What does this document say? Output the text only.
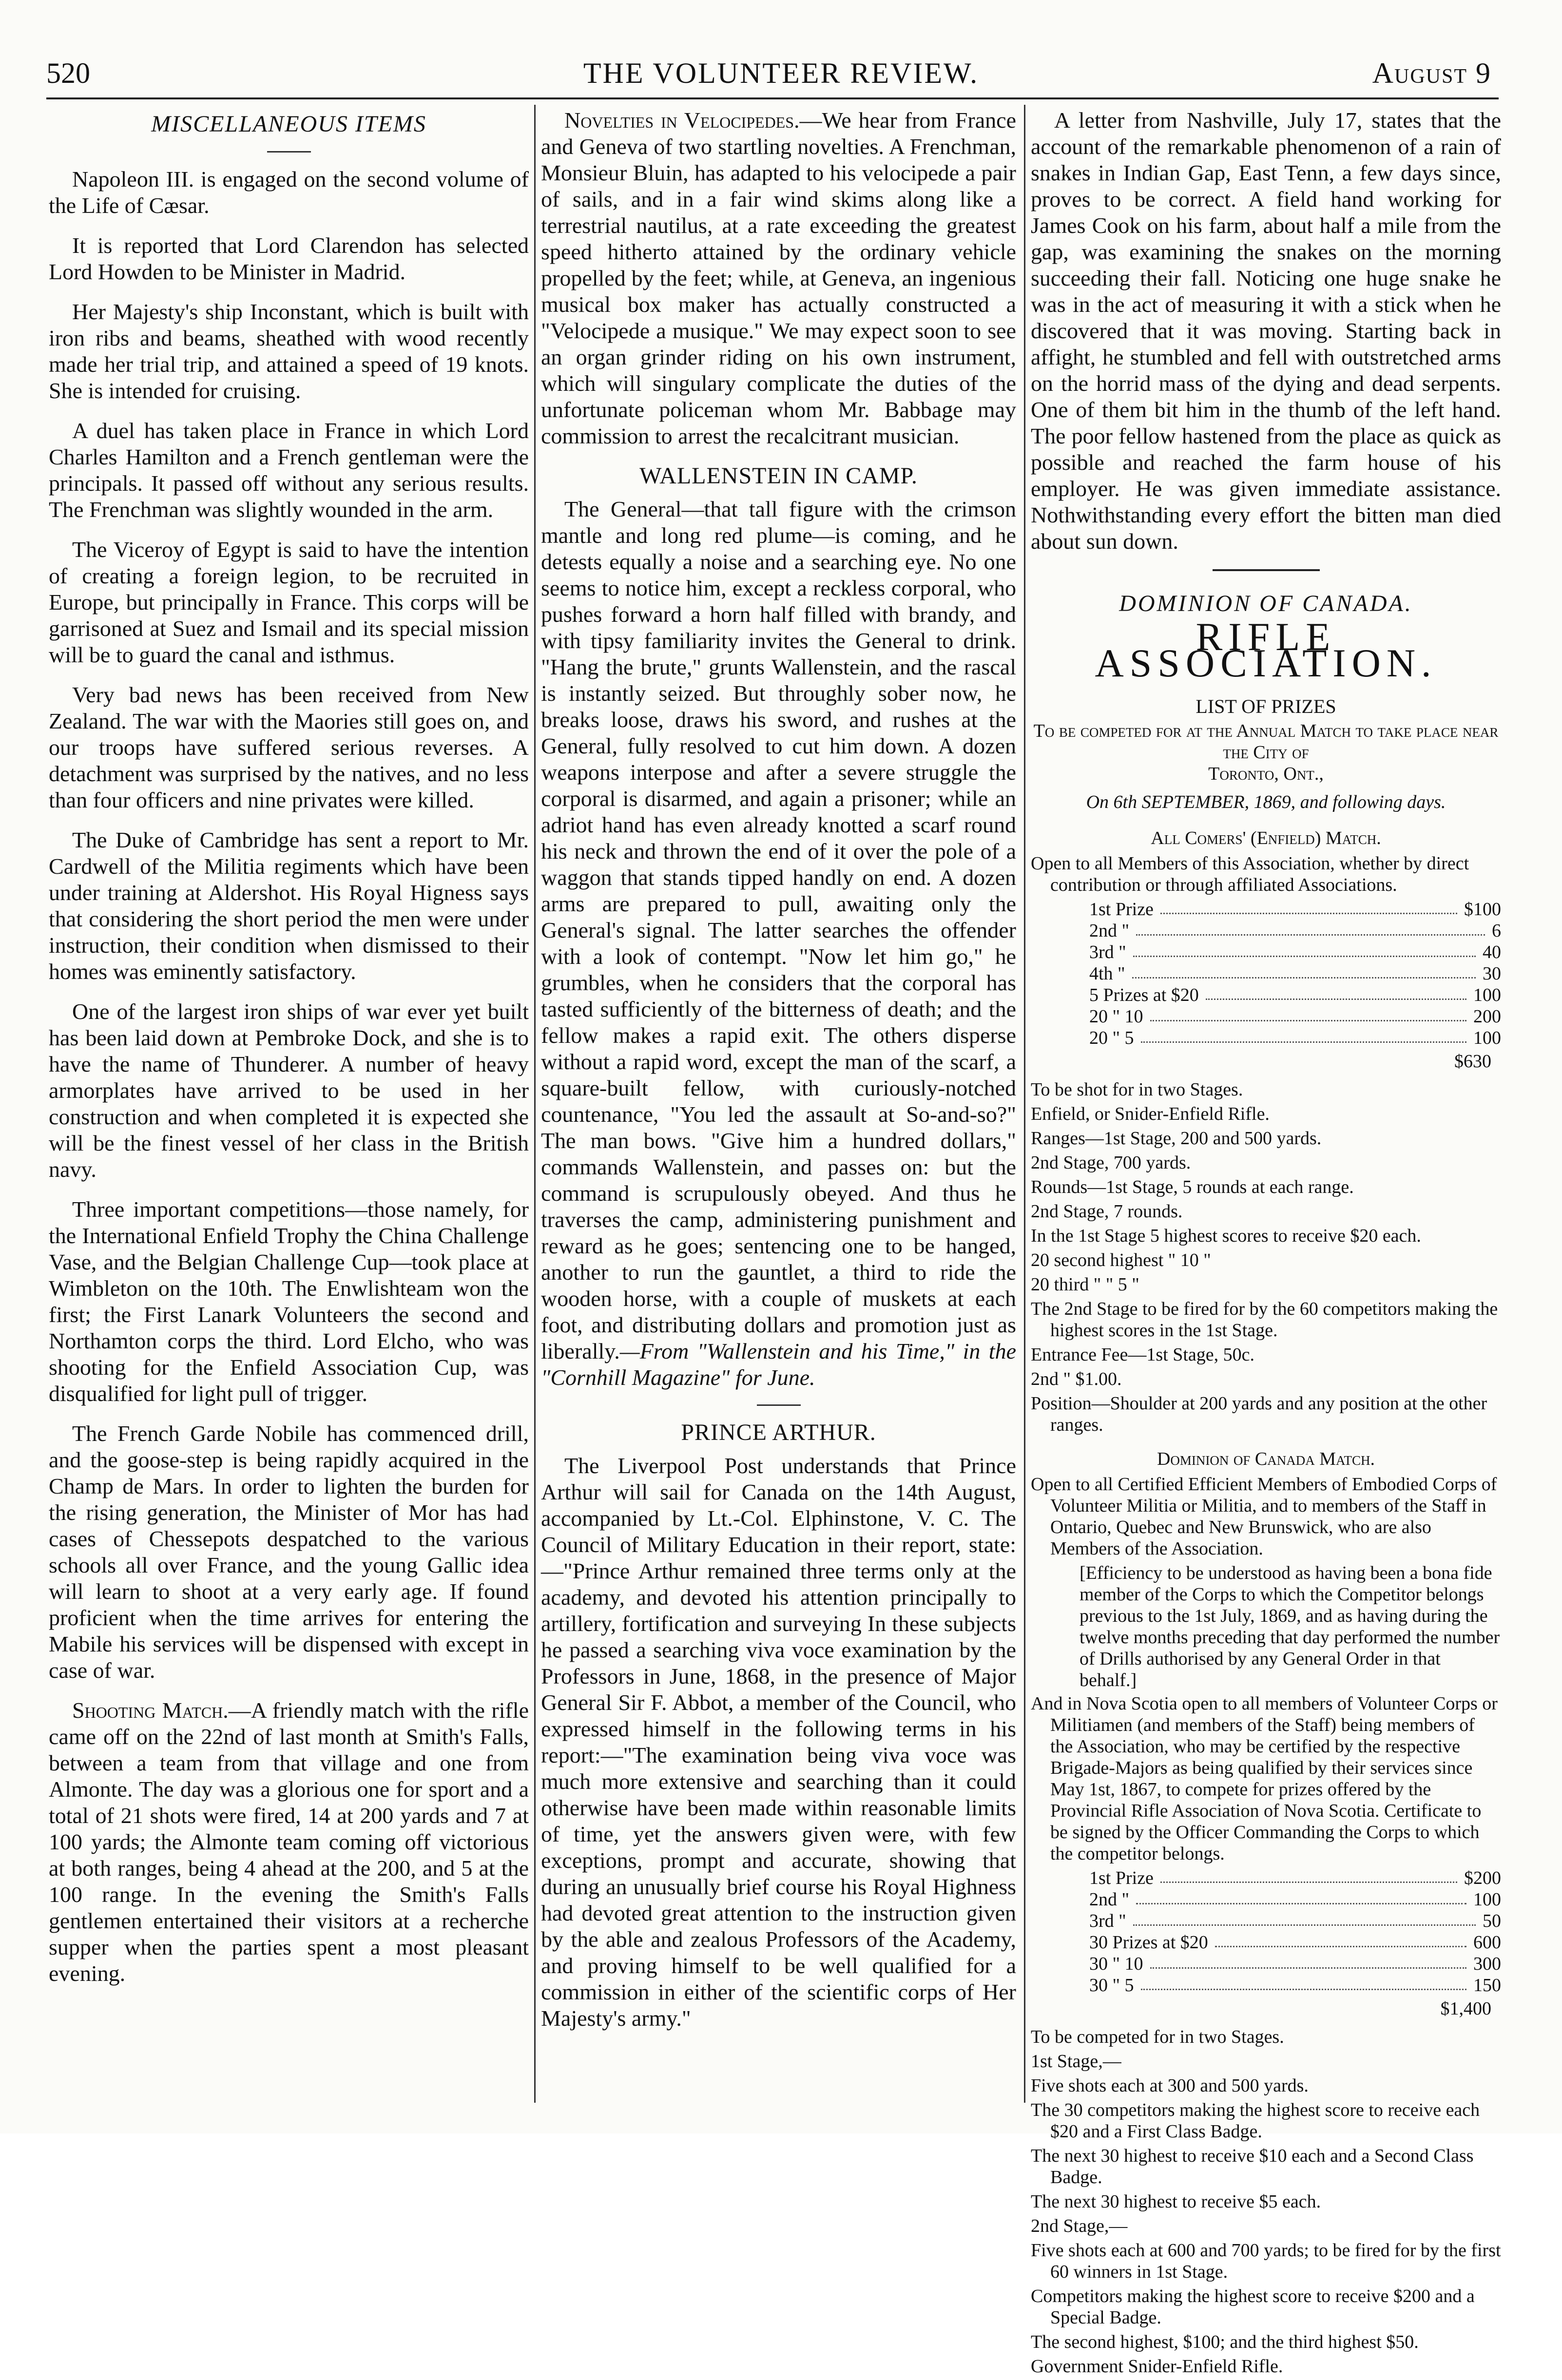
520	THE VOLUNTEER REVIEW.	August 9
MISCELLANEOUS ITEMS

Napoleon III. is engaged on the second volume of the Life of Cæsar.

It is reported that Lord Clarendon has selected Lord Howden to be Minister in Madrid.

Her Majesty's ship Inconstant, which is built with iron ribs and beams, sheathed with wood recently made her trial trip, and attained a speed of 19 knots. She is intended for cruising.

A duel has taken place in France in which Lord Charles Hamilton and a French gentleman were the principals. It passed off without any serious results. The Frenchman was slightly wounded in the arm.

The Viceroy of Egypt is said to have the intention of creating a foreign legion, to be recruited in Europe, but principally in France. This corps will be garrisoned at Suez and Ismail and its special mission will be to guard the canal and isthmus.

Very bad news has been received from New Zealand. The war with the Maories still goes on, and our troops have suffered serious reverses. A detachment was surprised by the natives, and no less than four officers and nine privates were killed.

The Duke of Cambridge has sent a report to Mr. Cardwell of the Militia regiments which have been under training at Aldershot. His Royal Higness says that considering the short period the men were under instruction, their condition when dismissed to their homes was eminently satisfactory.

One of the largest iron ships of war ever yet built has been laid down at Pembroke Dock, and she is to have the name of Thunderer. A number of heavy armorplates have arrived to be used in her construction and when completed it is expected she will be the finest vessel of her class in the British navy.

Three important competitions—those namely, for the International Enfield Trophy the China Challenge Vase, and the Belgian Challenge Cup—took place at Wimbleton on the 10th. The Enwlishteam won the first; the First Lanark Volunteers the second and Northamton corps the third. Lord Elcho, who was shooting for the Enfield Association Cup, was disqualified for light pull of trigger.

The French Garde Nobile has commenced drill, and the goose-step is being rapidly acquired in the Champ de Mars. In order to lighten the burden for the rising generation, the Minister of Mor has had cases of Chessepots despatched to the various schools all over France, and the young Gallic idea will learn to shoot at a very early age. If found proficient when the time arrives for entering the Mabile his services will be dispensed with except in case of war.

Shooting Match.—A friendly match with the rifle came off on the 22nd of last month at Smith's Falls, between a team from that village and one from Almonte. The day was a glorious one for sport and a total of 21 shots were fired, 14 at 200 yards and 7 at 100 yards; the Almonte team coming off victorious at both ranges, being 4 ahead at the 200, and 5 at the 100 range. In the evening the Smith's Falls gentlemen entertained their visitors at a recherche supper when the parties spent a most pleasant evening.

Novelties in Velocipedes.—We hear from France and Geneva of two startling novelties. A Frenchman, Monsieur Bluin, has adapted to his velocipede a pair of sails, and in a fair wind skims along like a terrestrial nautilus, at a rate exceeding the greatest speed hitherto attained by the ordinary vehicle propelled by the feet; while, at Geneva, an ingenious musical box maker has actually constructed a "Velocipede a musique." We may expect soon to see an organ grinder riding on his own instrument, which will singulary complicate the duties of the unfortunate policeman whom Mr. Babbage may commission to arrest the recalcitrant musician.

WALLENSTEIN IN CAMP.

The General—that tall figure with the crimson mantle and long red plume—is coming, and he detests equally a noise and a searching eye. No one seems to notice him, except a reckless corporal, who pushes forward a horn half filled with brandy, and with tipsy familiarity invites the General to drink. "Hang the brute," grunts Wallenstein, and the rascal is instantly seized. But throughly sober now, he breaks loose, draws his sword, and rushes at the General, fully resolved to cut him down. A dozen weapons interpose and after a severe struggle the corporal is disarmed, and again a prisoner; while an adriot hand has even already knotted a scarf round his neck and thrown the end of it over the pole of a waggon that stands tipped handly on end. A dozen arms are prepared to pull, awaiting only the General's signal. The latter searches the offender with a look of contempt. "Now let him go," he grumbles, when he considers that the corporal has tasted sufficiently of the bitterness of death; and the fellow makes a rapid exit. The others disperse without a rapid word, except the man of the scarf, a square-built fellow, with curiously-notched countenance, "You led the assault at So-and-so?" The man bows. "Give him a hundred dollars," commands Wallenstein, and passes on: but the command is scrupulously obeyed. And thus he traverses the camp, administering punishment and reward as he goes; sentencing one to be hanged, another to run the gauntlet, a third to ride the wooden horse, with a couple of muskets at each foot, and distributing dollars and promotion just as liberally.—From "Wallenstein and his Time," in the "Cornhill Magazine" for June.

PRINCE ARTHUR.

The Liverpool Post understands that Prince Arthur will sail for Canada on the 14th August, accompanied by Lt.-Col. Elphinstone, V. C. The Council of Military Education in their report, state:—"Prince Arthur remained three terms only at the academy, and devoted his attention principally to artillery, fortification and surveying In these subjects he passed a searching viva voce examination by the Professors in June, 1868, in the presence of Major General Sir F. Abbot, a member of the Council, who expressed himself in the following terms in his report:—"The examination being viva voce was much more extensive and searching than it could otherwise have been made within reasonable limits of time, yet the answers given were, with few exceptions, prompt and accurate, showing that during an unusually brief course his Royal Highness had devoted great attention to the instruction given by the able and zealous Professors of the Academy, and proving himself to be well qualified for a commission in either of the scientific corps of Her Majesty's army."

A letter from Nashville, July 17, states that the account of the remarkable phenomenon of a rain of snakes in Indian Gap, East Tenn, a few days since, proves to be correct. A field hand working for James Cook on his farm, about half a mile from the gap, was examining the snakes on the morning succeeding their fall. Noticing one huge snake he was in the act of measuring it with a stick when he discovered that it was moving. Starting back in affight, he stumbled and fell with outstretched arms on the horrid mass of the dying and dead serpents. One of them bit him in the thumb of the left hand. The poor fellow hastened from the place as quick as possible and reached the farm house of his employer. He was given immediate assistance. Nothwithstanding every effort the bitten man died about sun down.

DOMINION OF CANADA.
RIFLE ASSOCIATION.
LIST OF PRIZES
To be competed for at the Annual Match to take place near the City of
Toronto, Ont.,
On 6th SEPTEMBER, 1869, and following days.
All Comers' (Enfield) Match.
Open to all Members of this Association, whether by direct contribution or through affiliated Associations.
1st Prize	$100
2nd "	6
3rd "	40
4th "	30
5 Prizes at $20	100
20 " 10	200
20 " 5	100
$630
To be shot for in two Stages.
Enfield, or Snider-Enfield Rifle.
Ranges—1st Stage, 200 and 500 yards.
2nd Stage, 700 yards.
Rounds—1st Stage, 5 rounds at each range.
2nd Stage, 7 rounds.
In the 1st Stage 5 highest scores to receive $20 each.
20 second highest " 10 "
20 third " " 5 "
The 2nd Stage to be fired for by the 60 competitors making the highest scores in the 1st Stage.
Entrance Fee—1st Stage, 50c.
2nd " $1.00.
Position—Shoulder at 200 yards and any position at the other ranges.
Dominion of Canada Match.
Open to all Certified Efficient Members of Embodied Corps of Volunteer Militia or Militia, and to members of the Staff in Ontario, Quebec and New Brunswick, who are also Members of the Association.
[Efficiency to be understood as having been a bona fide member of the Corps to which the Competitor belongs previous to the 1st July, 1869, and as having during the twelve months preceding that day performed the number of Drills authorised by any General Order in that behalf.]
And in Nova Scotia open to all members of Volunteer Corps or Militiamen (and members of the Staff) being members of the Association, who may be certified by the respective Brigade-Majors as being qualified by their services since May 1st, 1867, to compete for prizes offered by the Provincial Rifle Association of Nova Scotia. Certificate to be signed by the Officer Commanding the Corps to which the competitor belongs.
1st Prize	$200
2nd "	100
3rd "	50
30 Prizes at $20	600
30 " 10	300
30 " 5	150
$1,400
To be competed for in two Stages.
1st Stage,—
Five shots each at 300 and 500 yards.
The 30 competitors making the highest score to receive each $20 and a First Class Badge.
The next 30 highest to receive $10 each and a Second Class Badge.
The next 30 highest to receive $5 each.
2nd Stage,—
Five shots each at 600 and 700 yards; to be fired for by the first 60 winners in 1st Stage.
Competitors making the highest score to receive $200 and a Special Badge.
The second highest, $100; and the third highest $50.
Government Snider-Enfield Rifle.
